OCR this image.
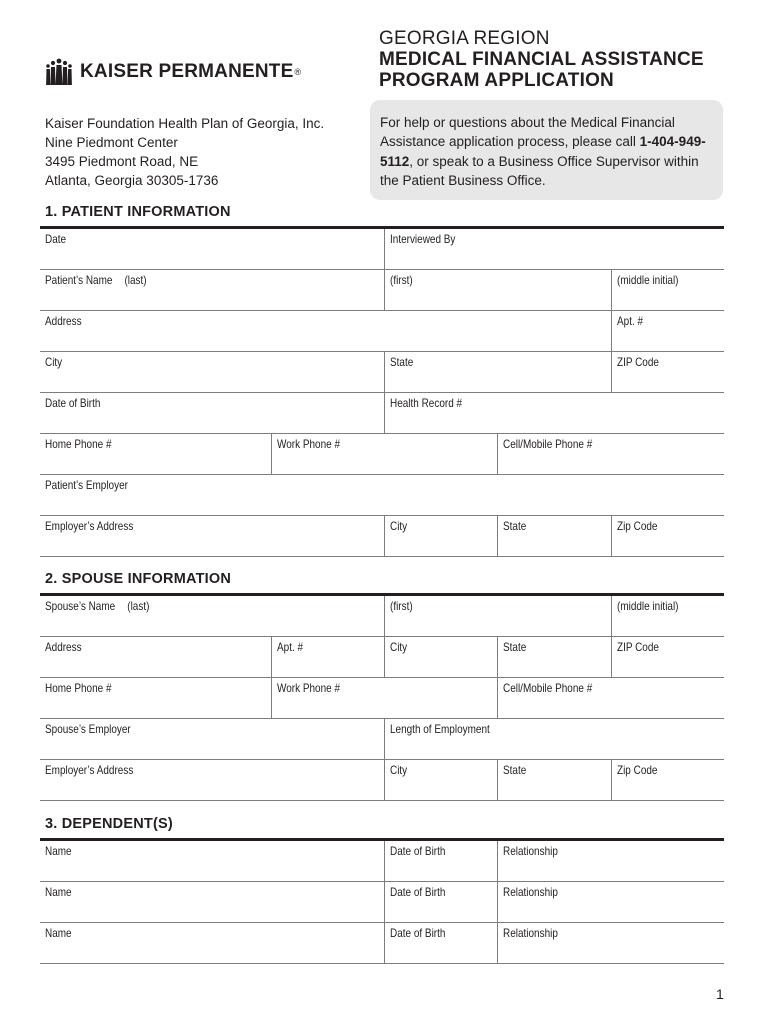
KAISER PERMANENTE ®
GEORGIA REGION
MEDICAL FINANCIAL ASSISTANCE
PROGRAM APPLICATION
Kaiser Foundation Health Plan of Georgia, Inc.
Nine Piedmont Center
3495 Piedmont Road, NE
Atlanta, Georgia 30305-1736
For help or questions about the Medical Financial Assistance application process, please call 1-404-949-5112, or speak to a Business Office Supervisor within the Patient Business Office.
1. PATIENT INFORMATION
Date	Interviewed By
Patient’s Name (last)	(first)	(middle initial)
Address	Apt. #
City	State	ZIP Code
Date of Birth	Health Record #
Home Phone #	Work Phone #	Cell/Mobile Phone #
Patient’s Employer
Employer’s Address	City	State	Zip Code
2. SPOUSE INFORMATION
Spouse’s Name (last)	(first)	(middle initial)
Address	Apt. #	City	State	ZIP Code
Home Phone #	Work Phone #	Cell/Mobile Phone #
Spouse’s Employer	Length of Employment
Employer’s Address	City	State	Zip Code
3. DEPENDENT(S)
Name	Date of Birth	Relationship
Name	Date of Birth	Relationship
Name	Date of Birth	Relationship
1
